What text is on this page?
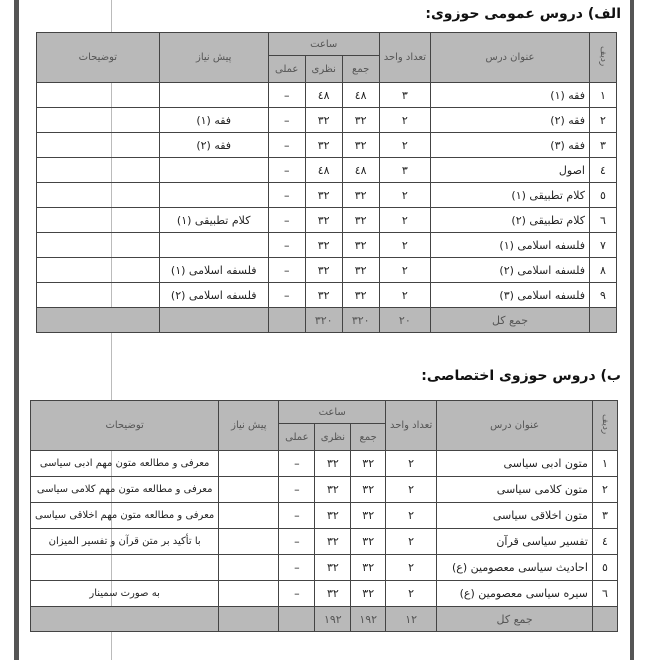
الف) دروس عمومی حوزوی:
ردیف	عنوان درس	تعداد واحد	ساعت			پیش نیاز	توضیحات
			جمع	نظری	عملی		
١	فقه (١)	٣	٤٨	٤٨	–		
٢	فقه (٢)	٢	٣٢	٣٢	–	فقه (١)	
٣	فقه (٣)	٢	٣٢	٣٢	–	فقه (٢)	
٤	اصول	٣	٤٨	٤٨	–		
٥	کلام تطبیقی (١)	٢	٣٢	٣٢	–		
٦	کلام تطبیقی (٢)	٢	٣٢	٣٢	–	کلام تطبیقی (١)	
٧	فلسفه اسلامی (١)	٢	٣٢	٣٢	–		
٨	فلسفه اسلامی (٢)	٢	٣٢	٣٢	–	فلسفه اسلامی (١)	
٩	فلسفه اسلامی (٣)	٢	٣٢	٣٢	–	فلسفه اسلامی (٢)	
	جمع کل	٢٠	٣٢٠	٣٢٠			
ب) دروس حوزوی اختصاصی:
ردیف	عنوان درس	تعداد واحد	ساعت			پیش نیاز	توضیحات
			جمع	نظری	عملی		
١	متون ادبی سیاسی	٢	٣٢	٣٢	–		معرفی و مطالعه متون مهم ادبی سیاسی
٢	متون کلامی سیاسی	٢	٣٢	٣٢	–		معرفی و مطالعه متون مهم کلامی سیاسی
٣	متون اخلاقی سیاسی	٢	٣٢	٣٢	–		معرفی و مطالعه متون مهم اخلاقی سیاسی
٤	تفسیر سیاسی قرآن	٢	٣٢	٣٢	–		با تأکید بر متن قرآن و تفسیر المیزان
٥	احادیث سیاسی معصومین (ع)	٢	٣٢	٣٢	–		
٦	سیره سیاسی معصومین (ع)	٢	٣٢	٣٢	–		به صورت سمینار
	جمع کل	١٢	١٩٢	١٩٢			
